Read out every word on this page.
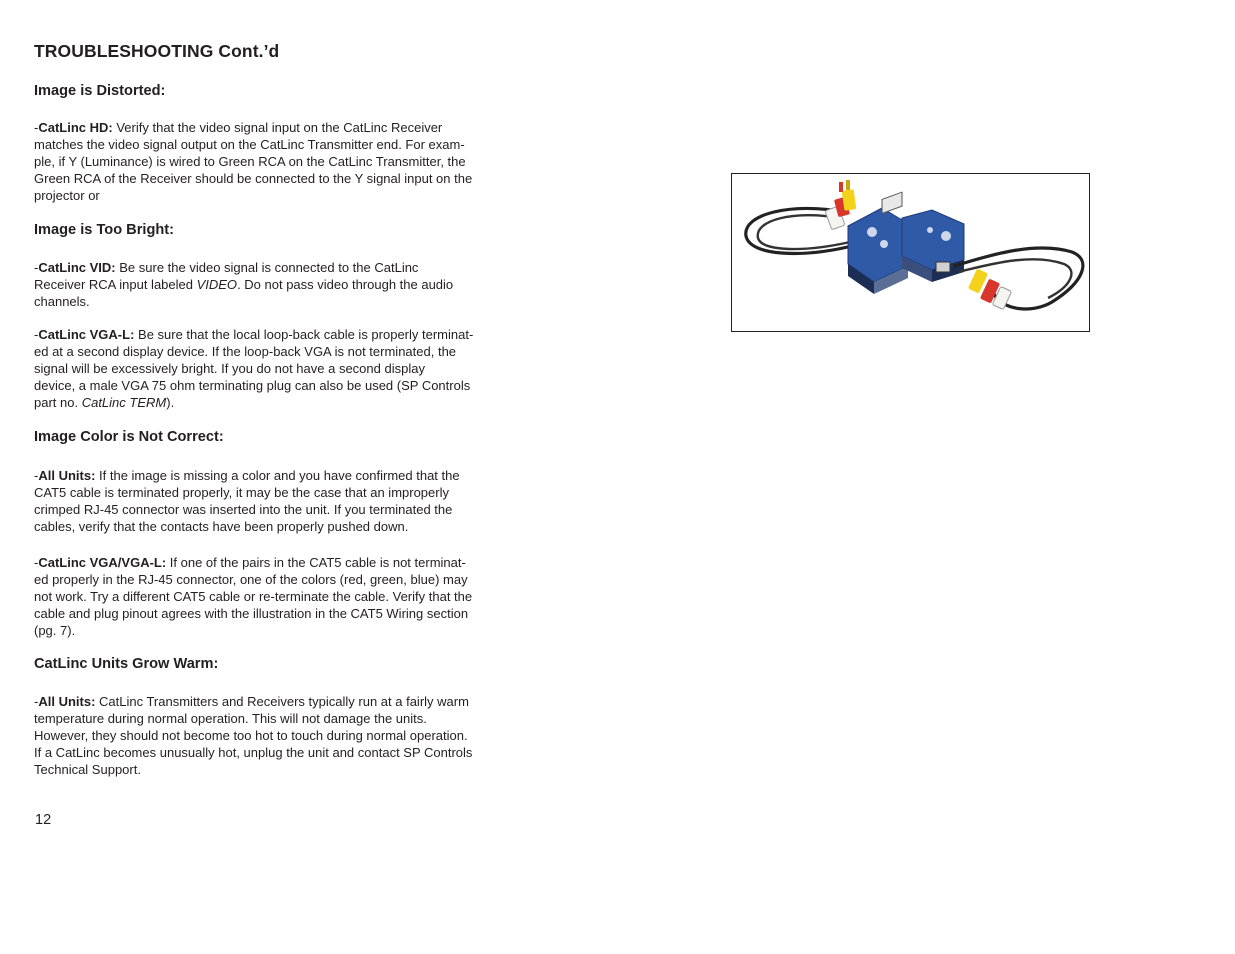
TROUBLESHOOTING Cont.’d
Image is Distorted:
-CatLinc HD: Verify that the video signal input on the CatLinc Receiver
matches the video signal output on the CatLinc Transmitter end. For exam-
ple, if Y (Luminance) is wired to Green RCA on the CatLinc Transmitter, the
Green RCA of the Receiver should be connected to the Y signal input on the
projector or
Image is Too Bright:
-CatLinc VID: Be sure the video signal is connected to the CatLinc
Receiver RCA input labeled VIDEO. Do not pass video through the audio
channels.
-CatLinc VGA-L: Be sure that the local loop-back cable is properly terminat-
ed at a second display device. If the loop-back VGA is not terminated, the
signal will be excessively bright. If you do not have a second display
device, a male VGA 75 ohm terminating plug can also be used (SP Controls
part no. CatLinc TERM).
Image Color is Not Correct:
-All Units: If the image is missing a color and you have confirmed that the
CAT5 cable is terminated properly, it may be the case that an improperly
crimped RJ-45 connector was inserted into the unit. If you terminated the
cables, verify that the contacts have been properly pushed down.
-CatLinc VGA/VGA-L: If one of the pairs in the CAT5 cable is not terminat-
ed properly in the RJ-45 connector, one of the colors (red, green, blue) may
not work. Try a different CAT5 cable or re-terminate the cable. Verify that the
cable and plug pinout agrees with the illustration in the CAT5 Wiring section
(pg. 7).
CatLinc Units Grow Warm:
-All Units: CatLinc Transmitters and Receivers typically run at a fairly warm
temperature during normal operation. This will not damage the units.
However, they should not become too hot to touch during normal operation.
If a CatLinc becomes unusually hot, unplug the unit and contact SP Controls
Technical Support.
12
